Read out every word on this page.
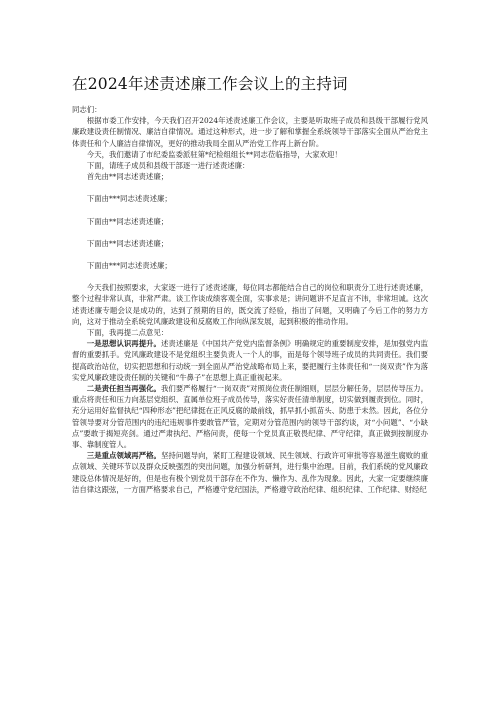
在2024年述责述廉工作会议上的主持词

同志们：

根据市委工作安排，今天我们召开2024年述责述廉工作会议，主要是听取班子成员和县级干部履行党风廉政建设责任制情况、廉洁自律情况。通过这种形式，进一步了解和掌握全系统领导干部落实全面从严治党主体责任和个人廉洁自律情况，更好的推动我局全面从严治党工作再上新台阶。

今天，我们邀请了市纪委监委派驻第*纪检组组长**同志莅临指导，大家欢迎！

下面，请班子成员和县级干部逐一进行述责述廉：

首先由**同志述责述廉；

下面由***同志述责述廉；

下面由**同志述责述廉；

下面由**同志述责述廉；

下面由***同志述责述廉；

今天我们按照要求，大家逐一进行了述责述廉，每位同志都能结合自己的岗位和职责分工进行述责述廉，整个过程非常认真，非常严肃。谈工作谈成绩客观全面，实事求是；讲问题讲不足直言不讳，非常坦诚。这次述责述廉专题会议是成功的，达到了预期的目的，既交流了经验，指出了问题，又明确了今后工作的努力方向，这对于推动全系统党风廉政建设和反腐败工作向纵深发展，起到积极的推动作用。

下面，我再提二点意见：

一是思想认识再提升。述责述廉是《中国共产党党内监督条例》明确规定的重要制度安排，是加强党内监督的重要抓手。党风廉政建设不是党组织主要负责人一个人的事，而是每个领导班子成员的共同责任。我们要提高政治站位，切实把思想和行动统一到全面从严治党战略布局上来，要把履行主体责任和“一岗双责”作为落实党风廉政建设责任制的关键和“牛鼻子”在思想上真正重视起来。

二是责任担当再强化。我们要严格履行“一岗双责”对照岗位责任制细则，层层分解任务，层层传导压力。重点将责任和压力向基层党组织、直属单位班子成员传导，落实好责任清单制度，切实做到履责到位。同时，充分运用好监督执纪“四种形态”把纪律挺在正风反腐的最前线，抓早抓小抓苗头、防患于未然。因此，各位分管领导要对分管范围内的违纪违规事件要敢管严管，定期对分管范围内的领导干部约谈，对“小问题”、“小缺点”要敢于揭短亮剑。通过严肃执纪、严格问责，使每一个党员真正敬畏纪律、严守纪律，真正做到按制度办事、靠制度管人。

三是重点领域再严格。坚持问题导向，紧盯工程建设领域、民生领域、行政许可审批等容易滋生腐败的重点领域、关键环节以及群众反映强烈的突出问题，加强分析研判，进行集中治理。目前，我们系统的党风廉政建设总体情况是好的，但是也有极个别党员干部存在不作为、懒作为、乱作为现象。因此，大家一定要继续廉洁自律这跟弦，一方面严格要求自己，严格遵守党纪国法，严格遵守政治纪律、组织纪律、工作纪律、财经纪
